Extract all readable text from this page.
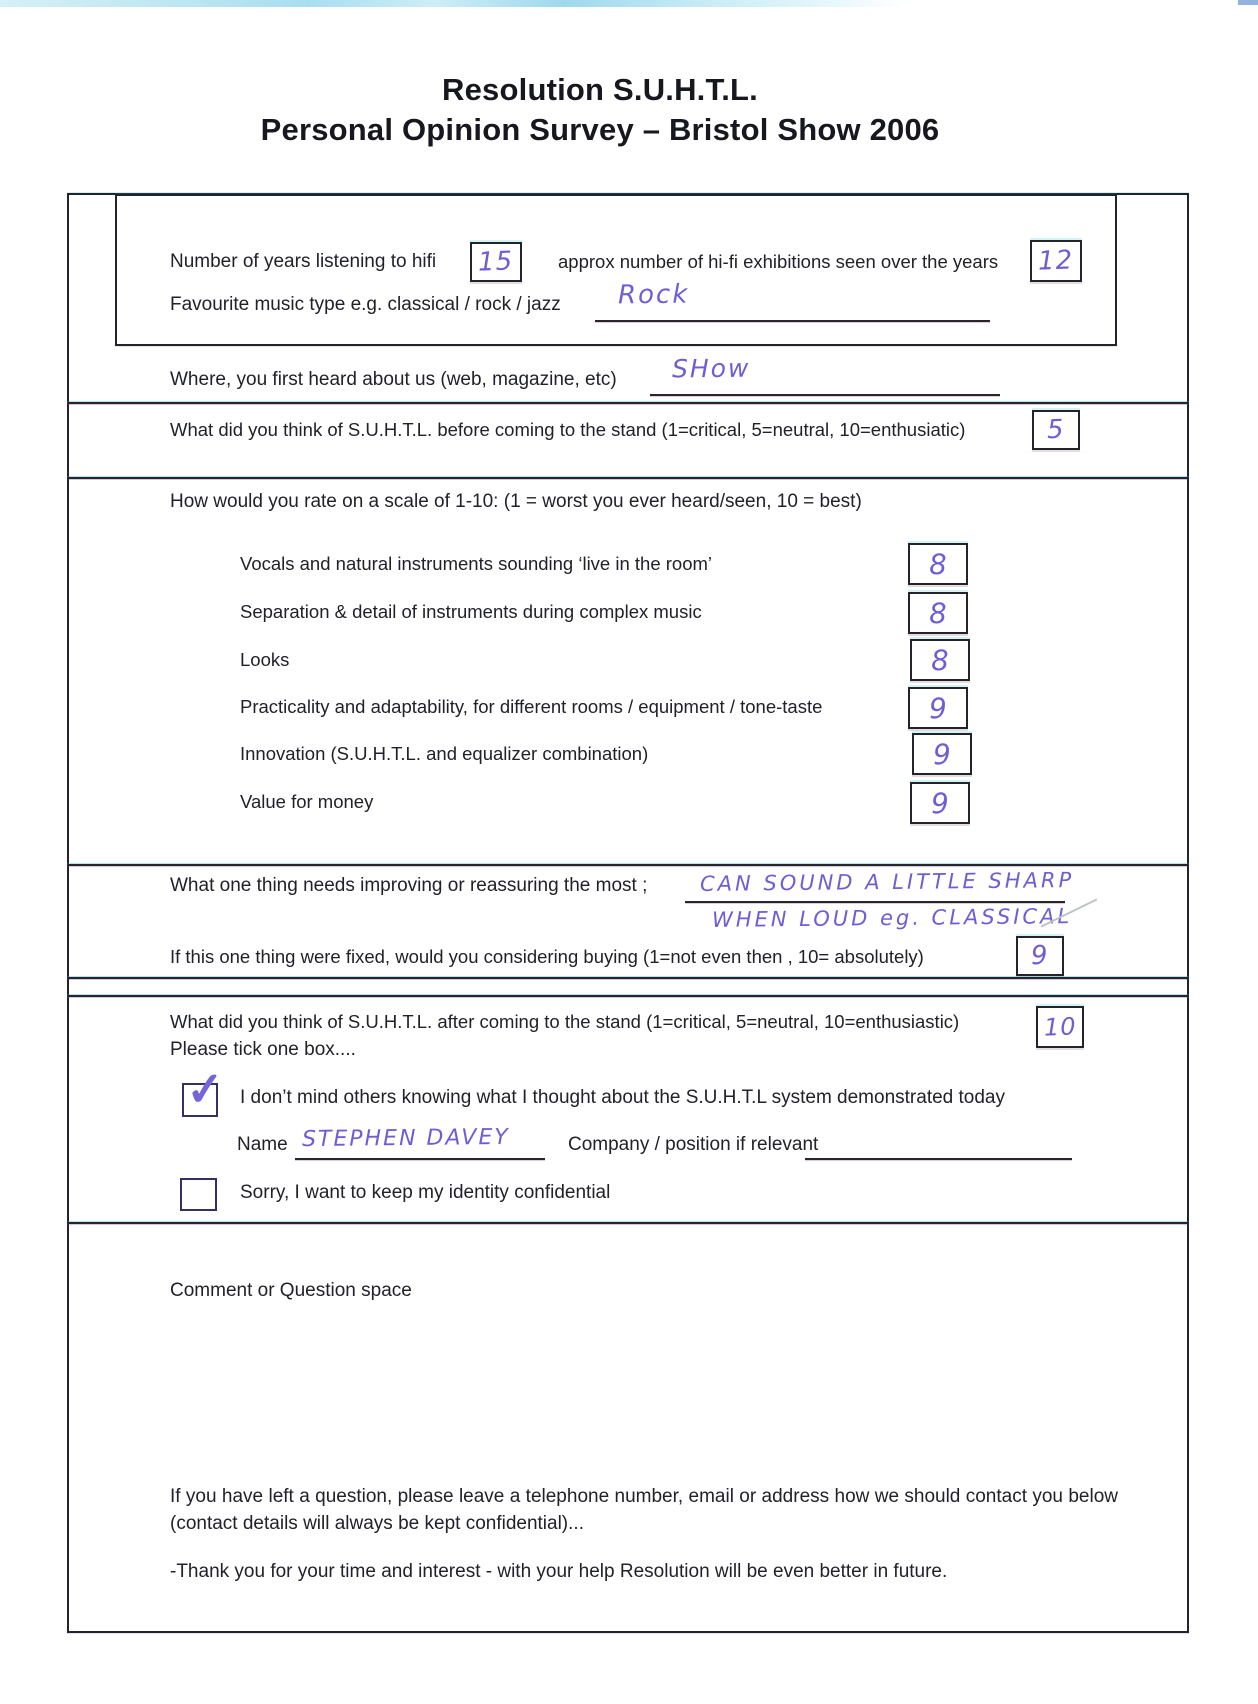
Resolution S.U.H.T.L.
Personal Opinion Survey – Bristol Show 2006
Number of years listening to hifi 15 approx number of hi-fi exhibitions seen over the years 12
Favourite music type e.g. classical / rock / jazz Rock
Where, you first heard about us (web, magazine, etc) SHow
What did you think of S.U.H.T.L. before coming to the stand (1=critical, 5=neutral, 10=enthusiatic)	5
How would you rate on a scale of 1-10: (1 = worst you ever heard/seen, 10 = best)
Vocals and natural instruments sounding ‘live in the room’	8
Separation & detail of instruments during complex music	8
Looks	8
Practicality and adaptability, for different rooms / equipment / tone-taste	9
Innovation (S.U.H.T.L. and equalizer combination)	9
Value for money	9
What one thing needs improving or reassuring the most ;	CAN SOUND A LITTLE SHARP
WHEN LOUD eg. CLASSICAL
If this one thing were fixed, would you considering buying (1=not even then , 10= absolutely)	9
What did you think of S.U.H.T.L. after coming to the stand (1=critical, 5=neutral, 10=enthusiastic)	10
Please tick one box....
✓ I don’t mind others knowing what I thought about the S.U.H.T.L system demonstrated today
Name STEPHEN DAVEY	Company / position if relevant
Sorry, I want to keep my identity confidential
Comment or Question space
If you have left a question, please leave a telephone number, email or address how we should contact you below (contact details will always be kept confidential)...
-Thank you for your time and interest - with your help Resolution will be even better in future.
